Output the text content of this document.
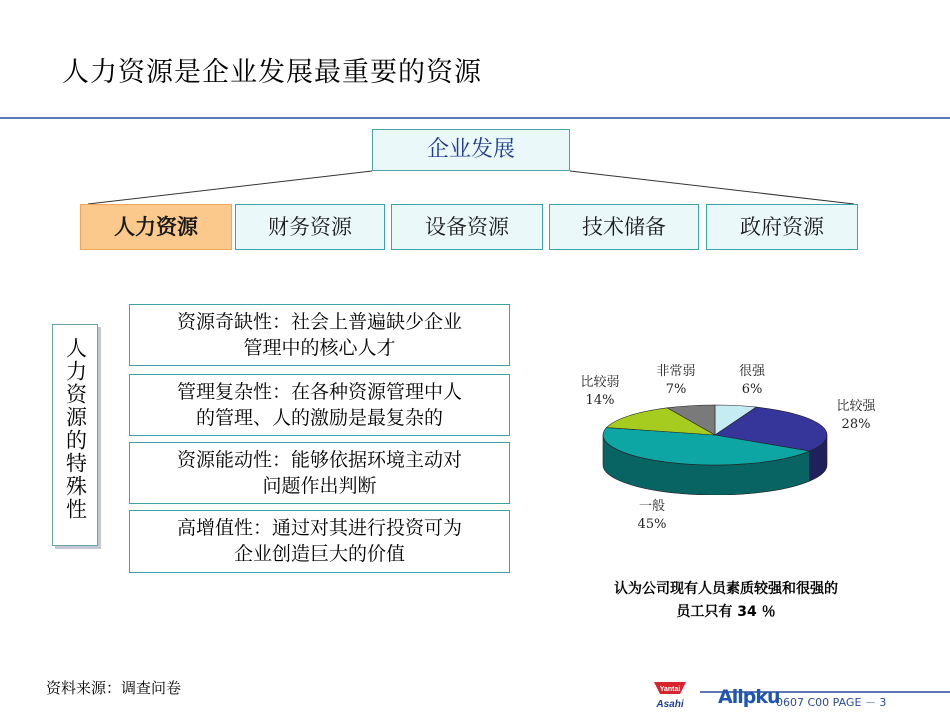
人力资源是企业发展最重要的资源
企业发展
人力资源	财务资源	设备资源	技术储备	政府资源
人力资源的特殊性
资源奇缺性：社会上普遍缺少企业
管理中的核心人才
管理复杂性：在各种资源管理中人
的管理、人的激励是最复杂的
资源能动性：能够依据环境主动对
问题作出判断
高增值性：通过对其进行投资可为
企业创造巨大的价值
比较弱
14%
非常弱
7%
很强
6%
比较强
28%
一般
45%
认为公司现有人员素质较强和很强的
员工只有 34 ％
资料来源：调查问卷	Yantai
Asahi Allpku
0607 C00 PAGE － 3
